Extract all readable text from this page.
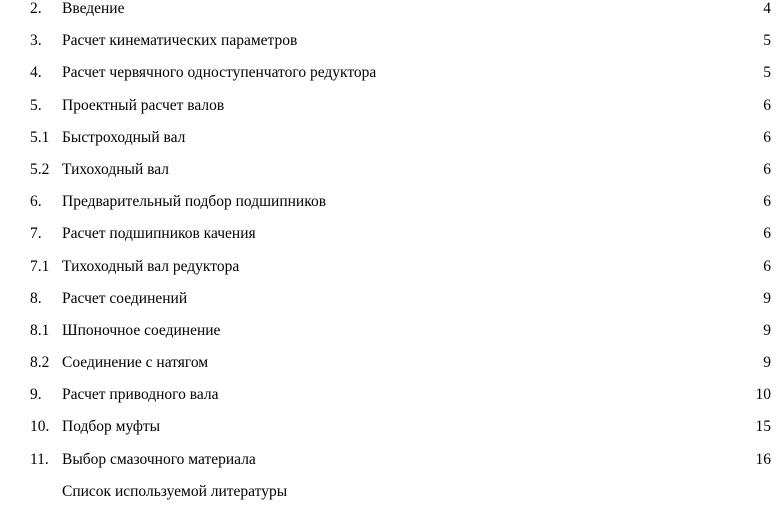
2.	Введение	4
3.	Расчет кинематических параметров	5
4.	Расчет червячного одноступенчатого редуктора	5
5.	Проектный расчет валов	6
5.1 Быстроходный вал	6
5.2 Тихоходный вал	6
6.	Предварительный подбор подшипников	6
7.	Расчет подшипников качения	6
7.1 Тихоходный вал редуктора	6
8.	Расчет соединений	9
8.1 Шпоночное соединение	9
8.2 Соединение с натягом	9
9.	Расчет приводного вала	10
10. Подбор муфты	15
11. Выбор смазочного материала	16
Список используемой литературы
